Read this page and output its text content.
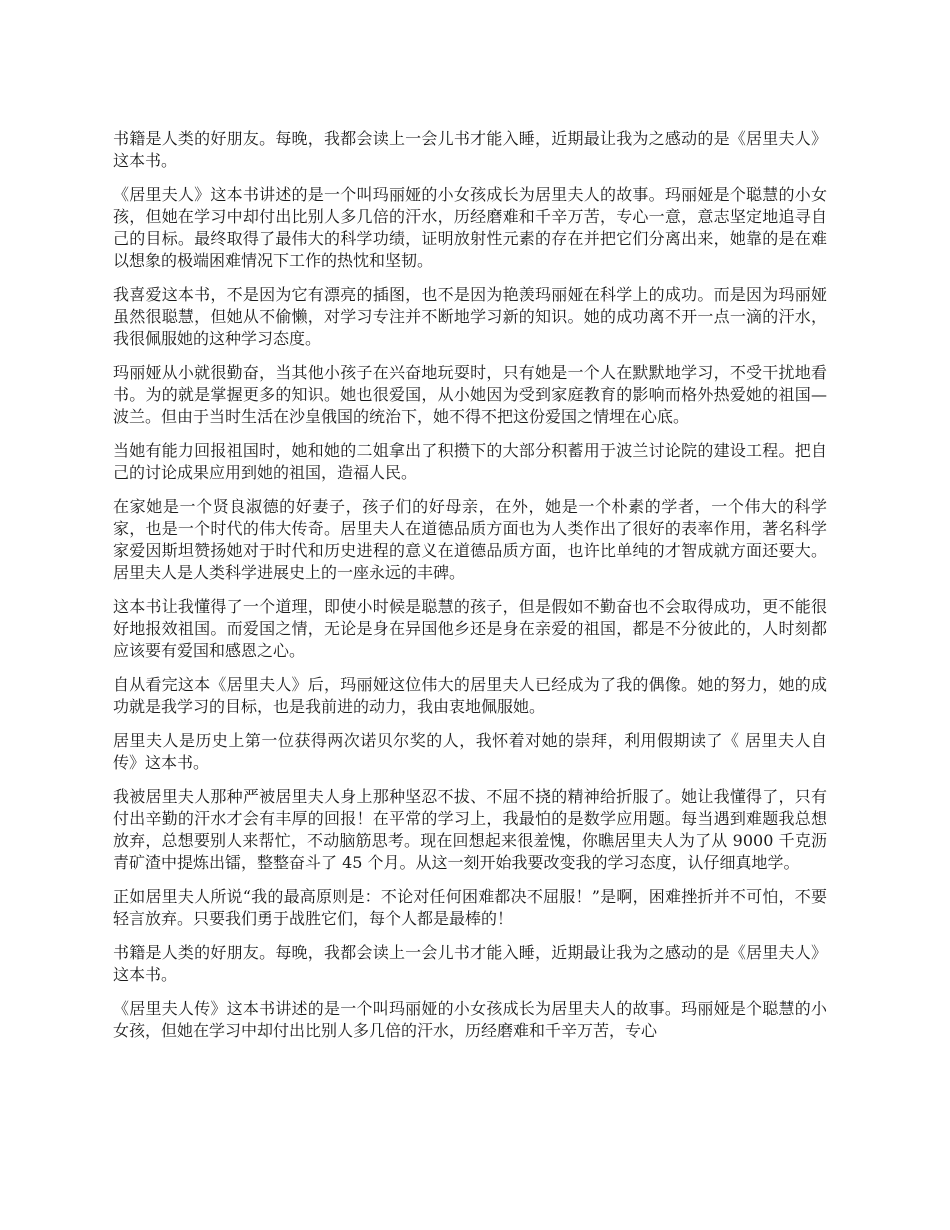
书籍是人类的好朋友。每晚，我都会读上一会儿书才能入睡，近期最让我为之感动的是《居里夫人》这本书。

《居里夫人》这本书讲述的是一个叫玛丽娅的小女孩成长为居里夫人的故事。玛丽娅是个聪慧的小女孩，但她在学习中却付出比别人多几倍的汗水，历经磨难和千辛万苦，专心一意，意志坚定地追寻自己的目标。最终取得了最伟大的科学功绩，证明放射性元素的存在并把它们分离出来，她靠的是在难以想象的极端困难情况下工作的热忱和坚韧。

我喜爱这本书，不是因为它有漂亮的插图，也不是因为艳羡玛丽娅在科学上的成功。而是因为玛丽娅虽然很聪慧，但她从不偷懒，对学习专注并不断地学习新的知识。她的成功离不开一点一滴的汗水，我很佩服她的这种学习态度。

玛丽娅从小就很勤奋，当其他小孩子在兴奋地玩耍时，只有她是一个人在默默地学习，不受干扰地看书。为的就是掌握更多的知识。她也很爱国，从小她因为受到家庭教育的影响而格外热爱她的祖国—波兰。但由于当时生活在沙皇俄国的统治下，她不得不把这份爱国之情埋在心底。

当她有能力回报祖国时，她和她的二姐拿出了积攒下的大部分积蓄用于波兰讨论院的建设工程。把自己的讨论成果应用到她的祖国，造福人民。

在家她是一个贤良淑德的好妻子，孩子们的好母亲，在外，她是一个朴素的学者，一个伟大的科学家，也是一个时代的伟大传奇。居里夫人在道德品质方面也为人类作出了很好的表率作用，著名科学家爱因斯坦赞扬她对于时代和历史进程的意义在道德品质方面，也许比单纯的才智成就方面还要大。居里夫人是人类科学进展史上的一座永远的丰碑。

这本书让我懂得了一个道理，即使小时候是聪慧的孩子，但是假如不勤奋也不会取得成功，更不能很好地报效祖国。而爱国之情，无论是身在异国他乡还是身在亲爱的祖国，都是不分彼此的，人时刻都应该要有爱国和感恩之心。

自从看完这本《居里夫人》后，玛丽娅这位伟大的居里夫人已经成为了我的偶像。她的努力，她的成功就是我学习的目标，也是我前进的动力，我由衷地佩服她。

居里夫人是历史上第一位获得两次诺贝尔奖的人，我怀着对她的崇拜，利用假期读了《 居里夫人自传》这本书。

我被居里夫人那种严被居里夫人身上那种坚忍不拔、不屈不挠的精神给折服了。她让我懂得了，只有付出辛勤的汗水才会有丰厚的回报！在平常的学习上，我最怕的是数学应用题。每当遇到难题我总想放弃，总想要别人来帮忙，不动脑筋思考。现在回想起来很羞愧，你瞧居里夫人为了从 9000 千克沥青矿渣中提炼出镭，整整奋斗了 45 个月。从这一刻开始我要改变我的学习态度，认仔细真地学。

正如居里夫人所说“我的最高原则是：不论对任何困难都决不屈服！”是啊，困难挫折并不可怕，不要轻言放弃。只要我们勇于战胜它们，每个人都是最棒的！

书籍是人类的好朋友。每晚，我都会读上一会儿书才能入睡，近期最让我为之感动的是《居里夫人》这本书。

《居里夫人传》这本书讲述的是一个叫玛丽娅的小女孩成长为居里夫人的故事。玛丽娅是个聪慧的小女孩，但她在学习中却付出比别人多几倍的汗水，历经磨难和千辛万苦，专心
